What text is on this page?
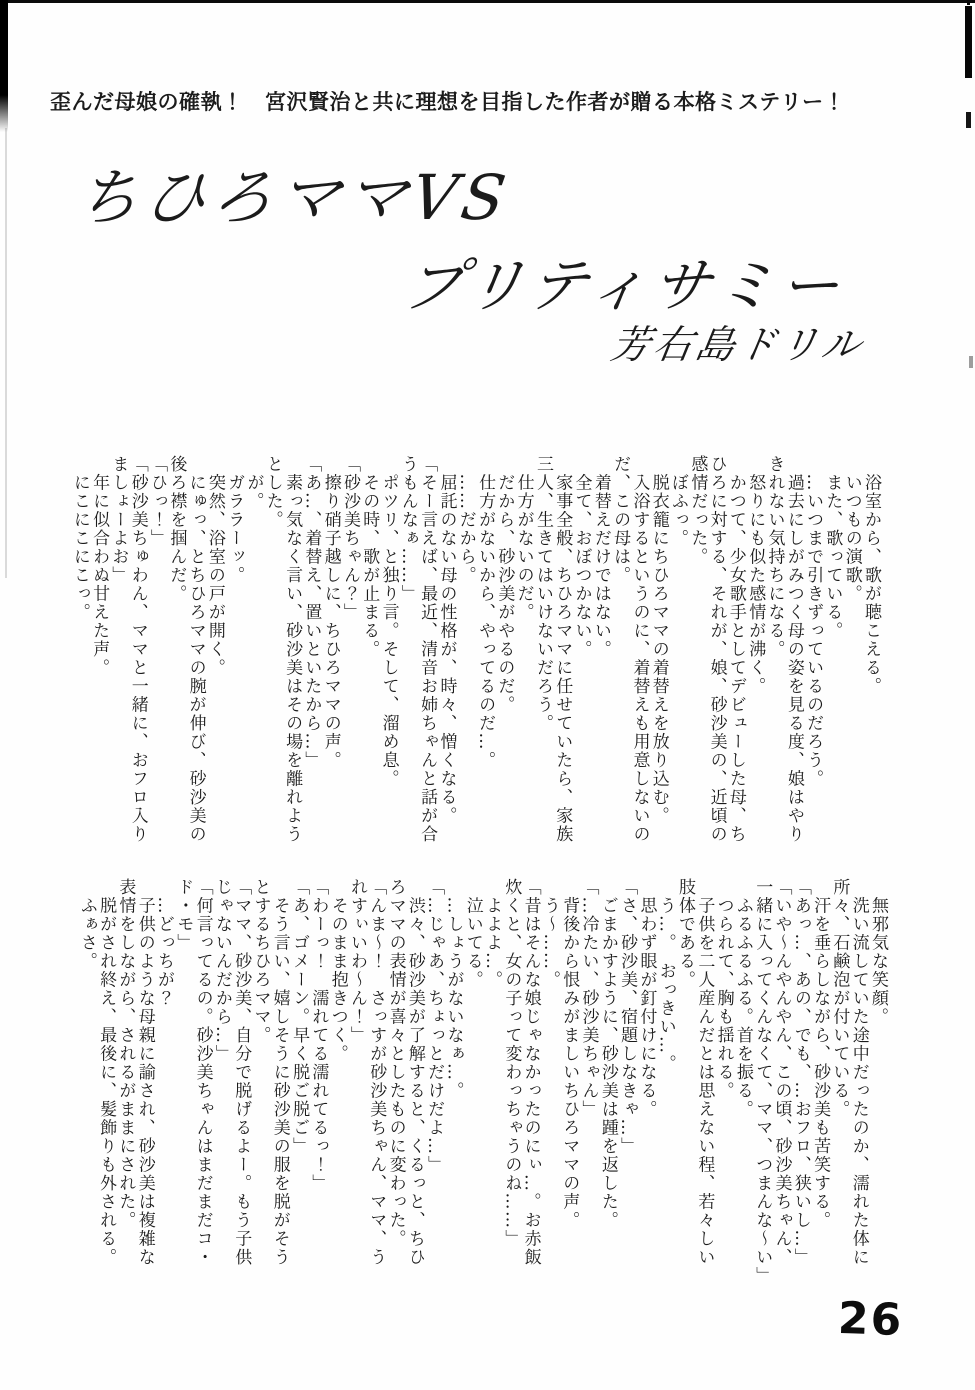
歪んだ母娘の確執！　宮沢賢治と共に理想を目指した作者が贈る本格ミステリー！
ちひろママVS
プリティサミー
芳右島ドリル

　浴室から、歌が聴こえる。

　いつもの演歌。

　また、歌っている。

　…いつまで引きずっているのだろう。

　過去にしがみつく母の姿を見る度、娘はやり

きれない気持ちになる。

　怒りにも似た感情が沸く。

　かつて、少女歌手としてデビューした母、ち

ひろに対する、それが、娘、砂沙美の、近頃の

感情だった。

　ぼふっ。

　脱衣籠にちひろママの着替えを放り込む。

　入浴するというのに、着替えも用意しないの

だ、この母は。

　着替えだけではない。

　全て、おぼつかない。

　家事全般、ちひろママに任せていたら、家族

三人、生きてはいけないだろう。

　仕方がないのだ。

　だから、砂沙美がやるのだ。

　仕方がないから、やってるのだ…。

　……だから。

　屈託のない母の性格が、時々、憎くなる。

「そー言えば、最近、清音お姉ちゃんと話が合

うもんなぁ……」

　ポツリ、と独り言。そして、溜め息。

　その時、歌が止まる。

「砂沙美ちゃん？」

　擦り硝子越しに、ちひろママの声。

「あ…、着替え、置いといたから…」

　素っ気なく言い、砂沙美はその場を離れよう

とした。

　が。

　ガララーッ。

　突然、浴室の戸が開く。

　にゅっ、とちひろママの腕が伸び、砂沙美の

後ろ襟を掴んだ。

「ひっ！」

「砂沙美ちゅわん、ママと一緒に、おフロ入り

ましょーよお」

　年に似合わぬ甘えた声。

　にこにこにこっ。

　無邪気な笑顔。

　洗い流していた途中だったのか、濡れた体に

所々、石鹸泡が付いている。

　汗を垂らしながら、砂沙美も苦笑する。

「あっ…、あの、でも、…おフロ、狭いし…」

「いや〜んやんやん、この頃、砂沙美ちゃん、

一緒に入ってくんなくて、ママ、つまんな〜い」

　ふるふるふる。首を振る。

　つられて、胸も揺れる。

　子供を二人産んだとは思えない程、若々しい

肢体である。

　う…。　おっきい…。

　思わず眼が釘付けになる。

「さ、砂沙美、宿題しなきゃ…」

　ごまかすように、砂沙美は踵を返した。

「…冷たい、砂沙美ちゃん」

　背後から恨みがましいちひろママの声。

　う〜……。

「昔はそんな娘じゃなかったのにぃ…。お赤飯

炊くと、女の子って変わっちゃうのね……」

　よよよ…。

　泣いてる。

　…しょうがないなぁ…。

「…じゃあ、ちょっとだけだよ…」

　渋々、砂沙美が了解すると、くるっと、ちひ

ろママの表情が喜々としたものに変わった。

「んま〜！　さっすが砂沙美ちゃん、ママ、う

れすぃいわ〜ん！」

　そのまま抱きつく。

「わーっ！　濡れてる濡れてるっ！」

「あ、ゴメーン。早く脱ご脱ご」

　そう言い、嬉しそうに砂沙美の服を脱がそう

とするちひろママ。

「ママ、砂沙美、自分で脱げるよー。もう子供

じゃないんだから…」

「何言ってるの。砂沙美ちゃんはまだまだコ・

ド・モ」

　…どっちが？

　子供のような母親に諭され、砂沙美は複雑な

表情をしながら、されるがままにされた。

　脱がされ終え、最後に、髪飾りも外される。

　ふぁさ。

26
